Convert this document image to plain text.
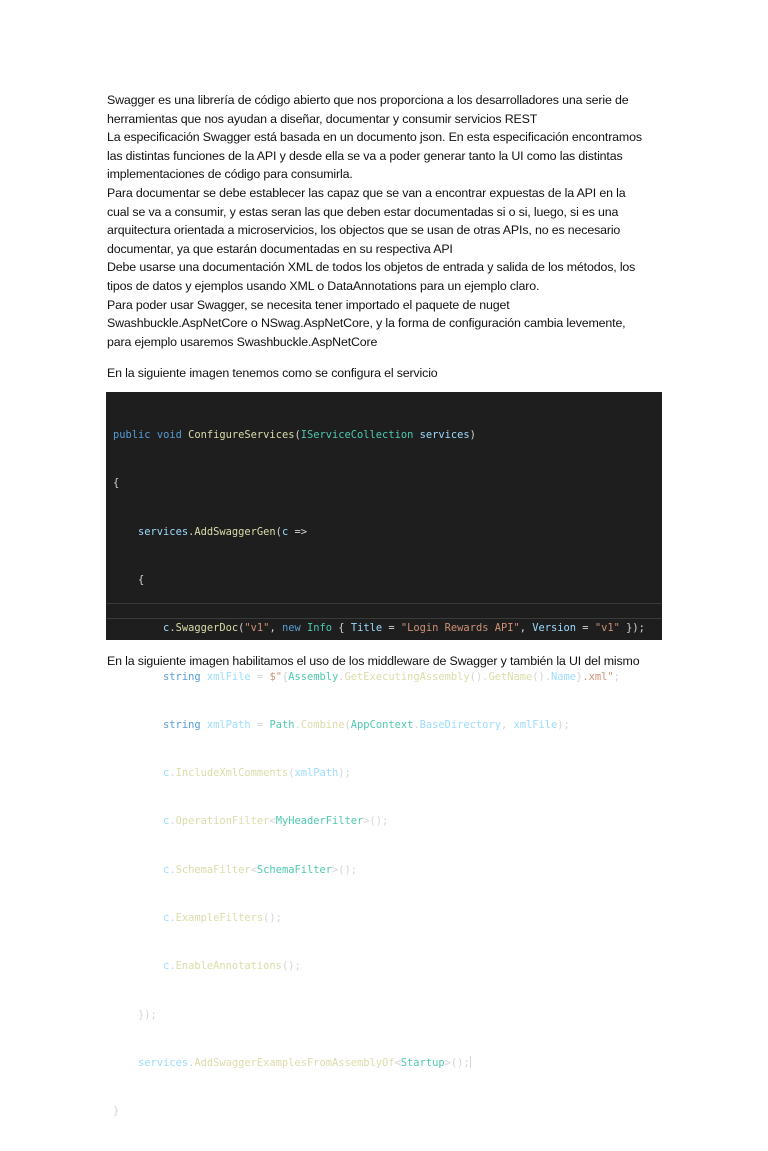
Swagger es una librería de código abierto que nos proporciona a los desarrolladores una serie de

herramientas que nos ayudan a diseñar, documentar y consumir servicios REST

La especificación Swagger está basada en un documento json. En esta especificación encontramos

las distintas funciones de la API y desde ella se va a poder generar tanto la UI como las distintas

implementaciones de código para consumirla.

Para documentar se debe establecer las capaz que se van a encontrar expuestas de la API en la

cual se va a consumir, y estas seran las que deben estar documentadas si o si, luego, si es una

arquitectura orientada a microservicios, los objectos que se usan de otras APIs, no es necesario

documentar, ya que estarán documentadas en su respectiva API

Debe usarse una documentación XML de todos los objetos de entrada y salida de los métodos, los

tipos de datos y ejemplos usando XML o DataAnnotations para un ejemplo claro.

Para poder usar Swagger, se necesita tener importado el paquete de nuget

Swashbuckle.AspNetCore o NSwag.AspNetCore, y la forma de configuración cambia levemente,

para ejemplo usaremos Swashbuckle.AspNetCore

En la siguiente imagen tenemos como se configura el servicio

public void ConfigureServices(IServiceCollection services)

{

services.AddSwaggerGen(c =>

{

c.SwaggerDoc("v1", new Info { Title = "Login Rewards API", Version = "v1" });

string xmlFile = $"{Assembly.GetExecutingAssembly().GetName().Name}.xml";

string xmlPath = Path.Combine(AppContext.BaseDirectory, xmlFile);

c.IncludeXmlComments(xmlPath);

c.OperationFilter<MyHeaderFilter>();

c.SchemaFilter<SchemaFilter>();

c.ExampleFilters();

c.EnableAnnotations();

});

services.AddSwaggerExamplesFromAssemblyOf<Startup>();

}

En la siguiente imagen habilitamos el uso de los middleware de Swagger y también la UI del mismo
